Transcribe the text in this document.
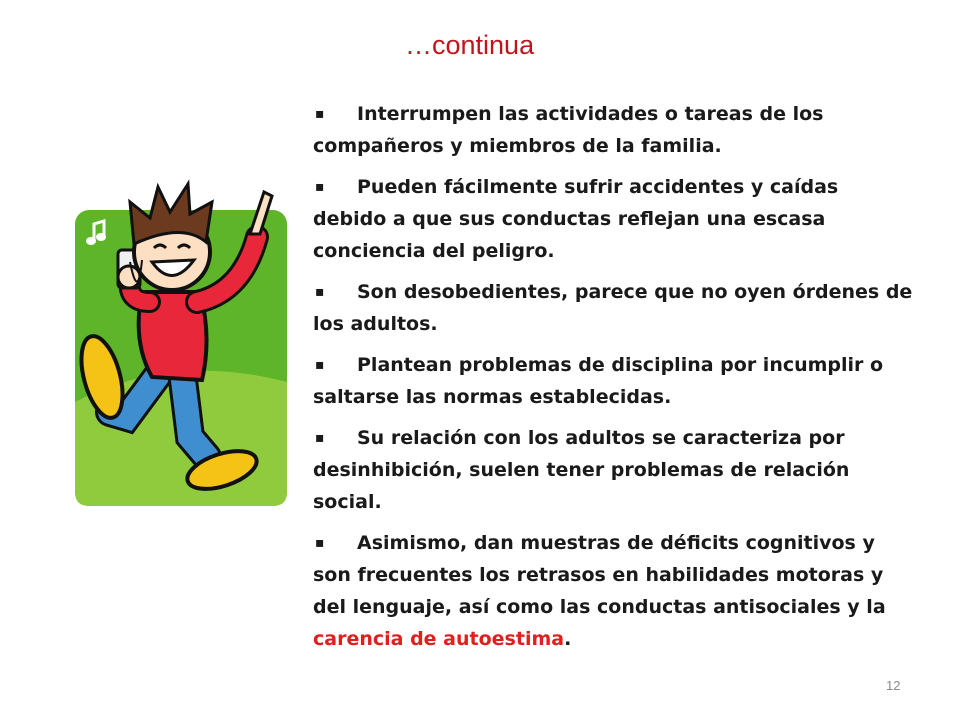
…continua
▪ Interrumpen las actividades o tareas de los compañeros y miembros de la familia.
▪ Pueden fácilmente sufrir accidentes y caídas debido a que sus conductas reflejan una escasa conciencia del peligro.
▪ Son desobedientes, parece que no oyen órdenes de los adultos.
▪ Plantean problemas de disciplina por incumplir o saltarse las normas establecidas.
▪ Su relación con los adultos se caracteriza por desinhibición, suelen tener problemas de relación social.
▪ Asimismo, dan muestras de déficits cognitivos y son frecuentes los retrasos en habilidades motoras y del lenguaje, así como las conductas antisociales y la carencia de autoestima.
12
